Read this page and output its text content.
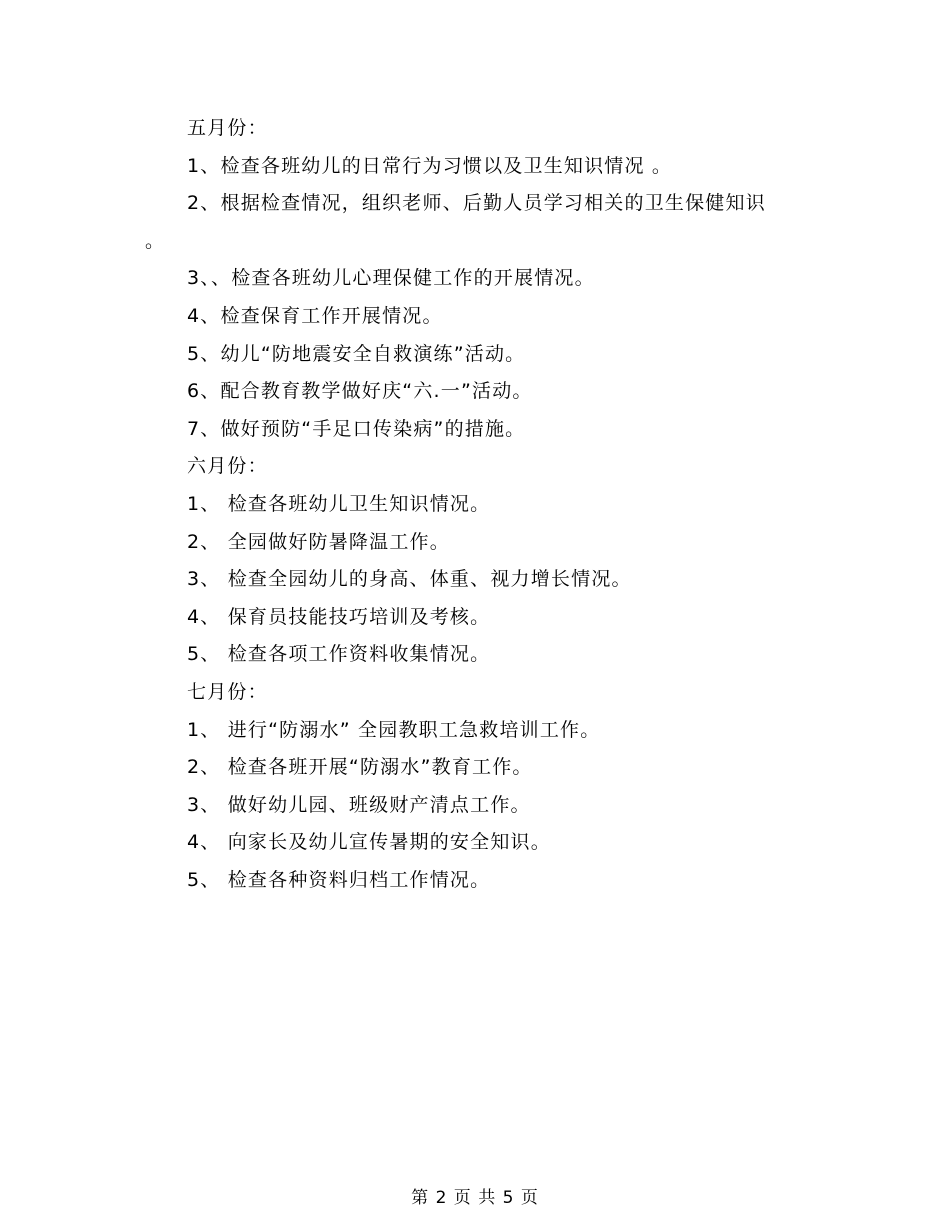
五月份：
1、检查各班幼儿的日常行为习惯以及卫生知识情况 。
2、根据检查情况，组织老师、后勤人员学习相关的卫生保健知识
。
3、、检查各班幼儿心理保健工作的开展情况。
4、检查保育工作开展情况。
5、幼儿“防地震安全自救演练”活动。
6、配合教育教学做好庆“六.一”活动。
7、做好预防“手足口传染病”的措施。
六月份：
1、 检查各班幼儿卫生知识情况。
2、 全园做好防暑降温工作。
3、 检查全园幼儿的身高、体重、视力增长情况。
4、 保育员技能技巧培训及考核。
5、 检查各项工作资料收集情况。
七月份：
1、 进行“防溺水” 全园教职工急救培训工作。
2、 检查各班开展“防溺水”教育工作。
3、 做好幼儿园、班级财产清点工作。
4、 向家长及幼儿宣传暑期的安全知识。
5、 检查各种资料归档工作情况。
第 2 页 共 5 页
